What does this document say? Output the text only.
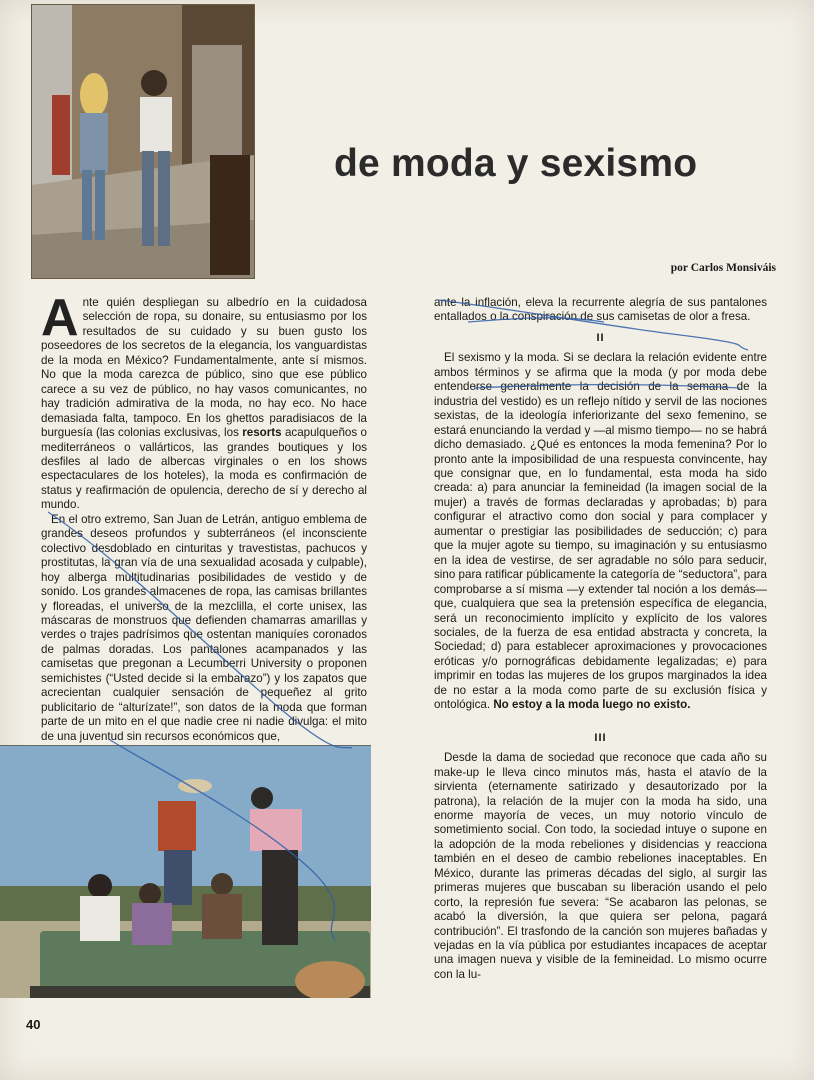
de moda y sexismo
por Carlos Monsiváis

Ante quién despliegan su albedrío en la cuidadosa selección de ropa, su donaire, su entusiasmo por los resultados de su cuidado y su buen gusto los poseedores de los secretos de la elegancia, los vanguardistas de la moda en México? Fundamentalmente, ante sí mismos. No que la moda carezca de público, sino que ese público carece a su vez de público, no hay vasos comunicantes, no hay tradición admirativa de la moda, no hay eco. No hace demasiada falta, tampoco. En los ghettos paradisiacos de la burguesía (las colonias exclusivas, los resorts acapulqueños o mediterráneos o vallárticos, las grandes boutiques y los desfiles al lado de albercas virginales o en los shows espectaculares de los hoteles), la moda es confirmación de status y reafirmación de opulencia, derecho de sí y derecho al mundo.

En el otro extremo, San Juan de Letrán, antiguo emblema de grandes deseos profundos y subterráneos (el inconsciente colectivo desdoblado en cinturitas y travestistas, pachucos y prostitutas, la gran vía de una sexualidad acosada y culpable), hoy alberga multitudinarias posibilidades de vestido y de sonido. Los grandes almacenes de ropa, las camisas brillantes y floreadas, el universo de la mezclilla, el corte unisex, las máscaras de monstruos que defienden chamarras amarillas y verdes o trajes padrísimos que ostentan maniquíes coronados de palmas doradas. Los pantalones acampanados y las camisetas que pregonan a Lecumberri University o proponen semichistes (“Usted decide si la embarazo”) y los zapatos que acrecientan cualquier sensación de pequeñez al grito publicitario de “alturízate!”, son datos de la moda que forman parte de un mito en el que nadie cree ni nadie divulga: el mito de una juventud sin recursos económicos que,

ante la inflación, eleva la recurrente alegría de sus pantalones entallados o la conspiración de sus camisetas de olor a fresa.

II

El sexismo y la moda. Si se declara la relación evidente entre ambos términos y se afirma que la moda (y por moda debe entenderse generalmente la decisión de la semana de la industria del vestido) es un reflejo nítido y servil de las nociones sexistas, de la ideología inferiorizante del sexo femenino, se estará enunciando la verdad y —al mismo tiempo— no se habrá dicho demasiado. ¿Qué es entonces la moda femenina? Por lo pronto ante la imposibilidad de una respuesta convincente, hay que consignar que, en lo fundamental, esta moda ha sido creada: a) para anunciar la femineidad (la imagen social de la mujer) a través de formas declaradas y aprobadas; b) para configurar el atractivo como don social y para complacer y aumentar o prestigiar las posibilidades de seducción; c) para que la mujer agote su tiempo, su imaginación y su entusiasmo en la idea de vestirse, de ser agradable no sólo para seducir, sino para ratificar públicamente la categoría de “seductora”, para comprobarse a sí misma —y extender tal noción a los demás— que, cualquiera que sea la pretensión específica de elegancia, será un reconocimiento implícito y explícito de los valores sociales, de la fuerza de esa entidad abstracta y concreta, la Sociedad; d) para establecer aproximaciones y provocaciones eróticas y/o pornográficas debidamente legalizadas; e) para imprimir en todas las mujeres de los grupos marginados la idea de no estar a la moda como parte de su exclusión física y ontológica. No estoy a la moda luego no existo.

III

Desde la dama de sociedad que reconoce que cada año su make-up le lleva cinco minutos más, hasta el atavío de la sirvienta (eternamente satirizado y desautorizado por la patrona), la relación de la mujer con la moda ha sido, una enorme mayoría de veces, un muy notorio vínculo de sometimiento social. Con todo, la sociedad intuye o supone en la adopción de la moda rebeliones y disidencias y reacciona también en el deseo de cambio rebeliones inaceptables. En México, durante las primeras décadas del siglo, al surgir las primeras mujeres que buscaban su liberación usando el pelo corto, la represión fue severa: “Se acabaron las pelonas, se acabó la diversión, la que quiera ser pelona, pagará contribución”. El trasfondo de la canción son mujeres bañadas y vejadas en la vía pública por estudiantes incapaces de aceptar una imagen nueva y visible de la femineidad. Lo mismo ocurre con la lu-

40
